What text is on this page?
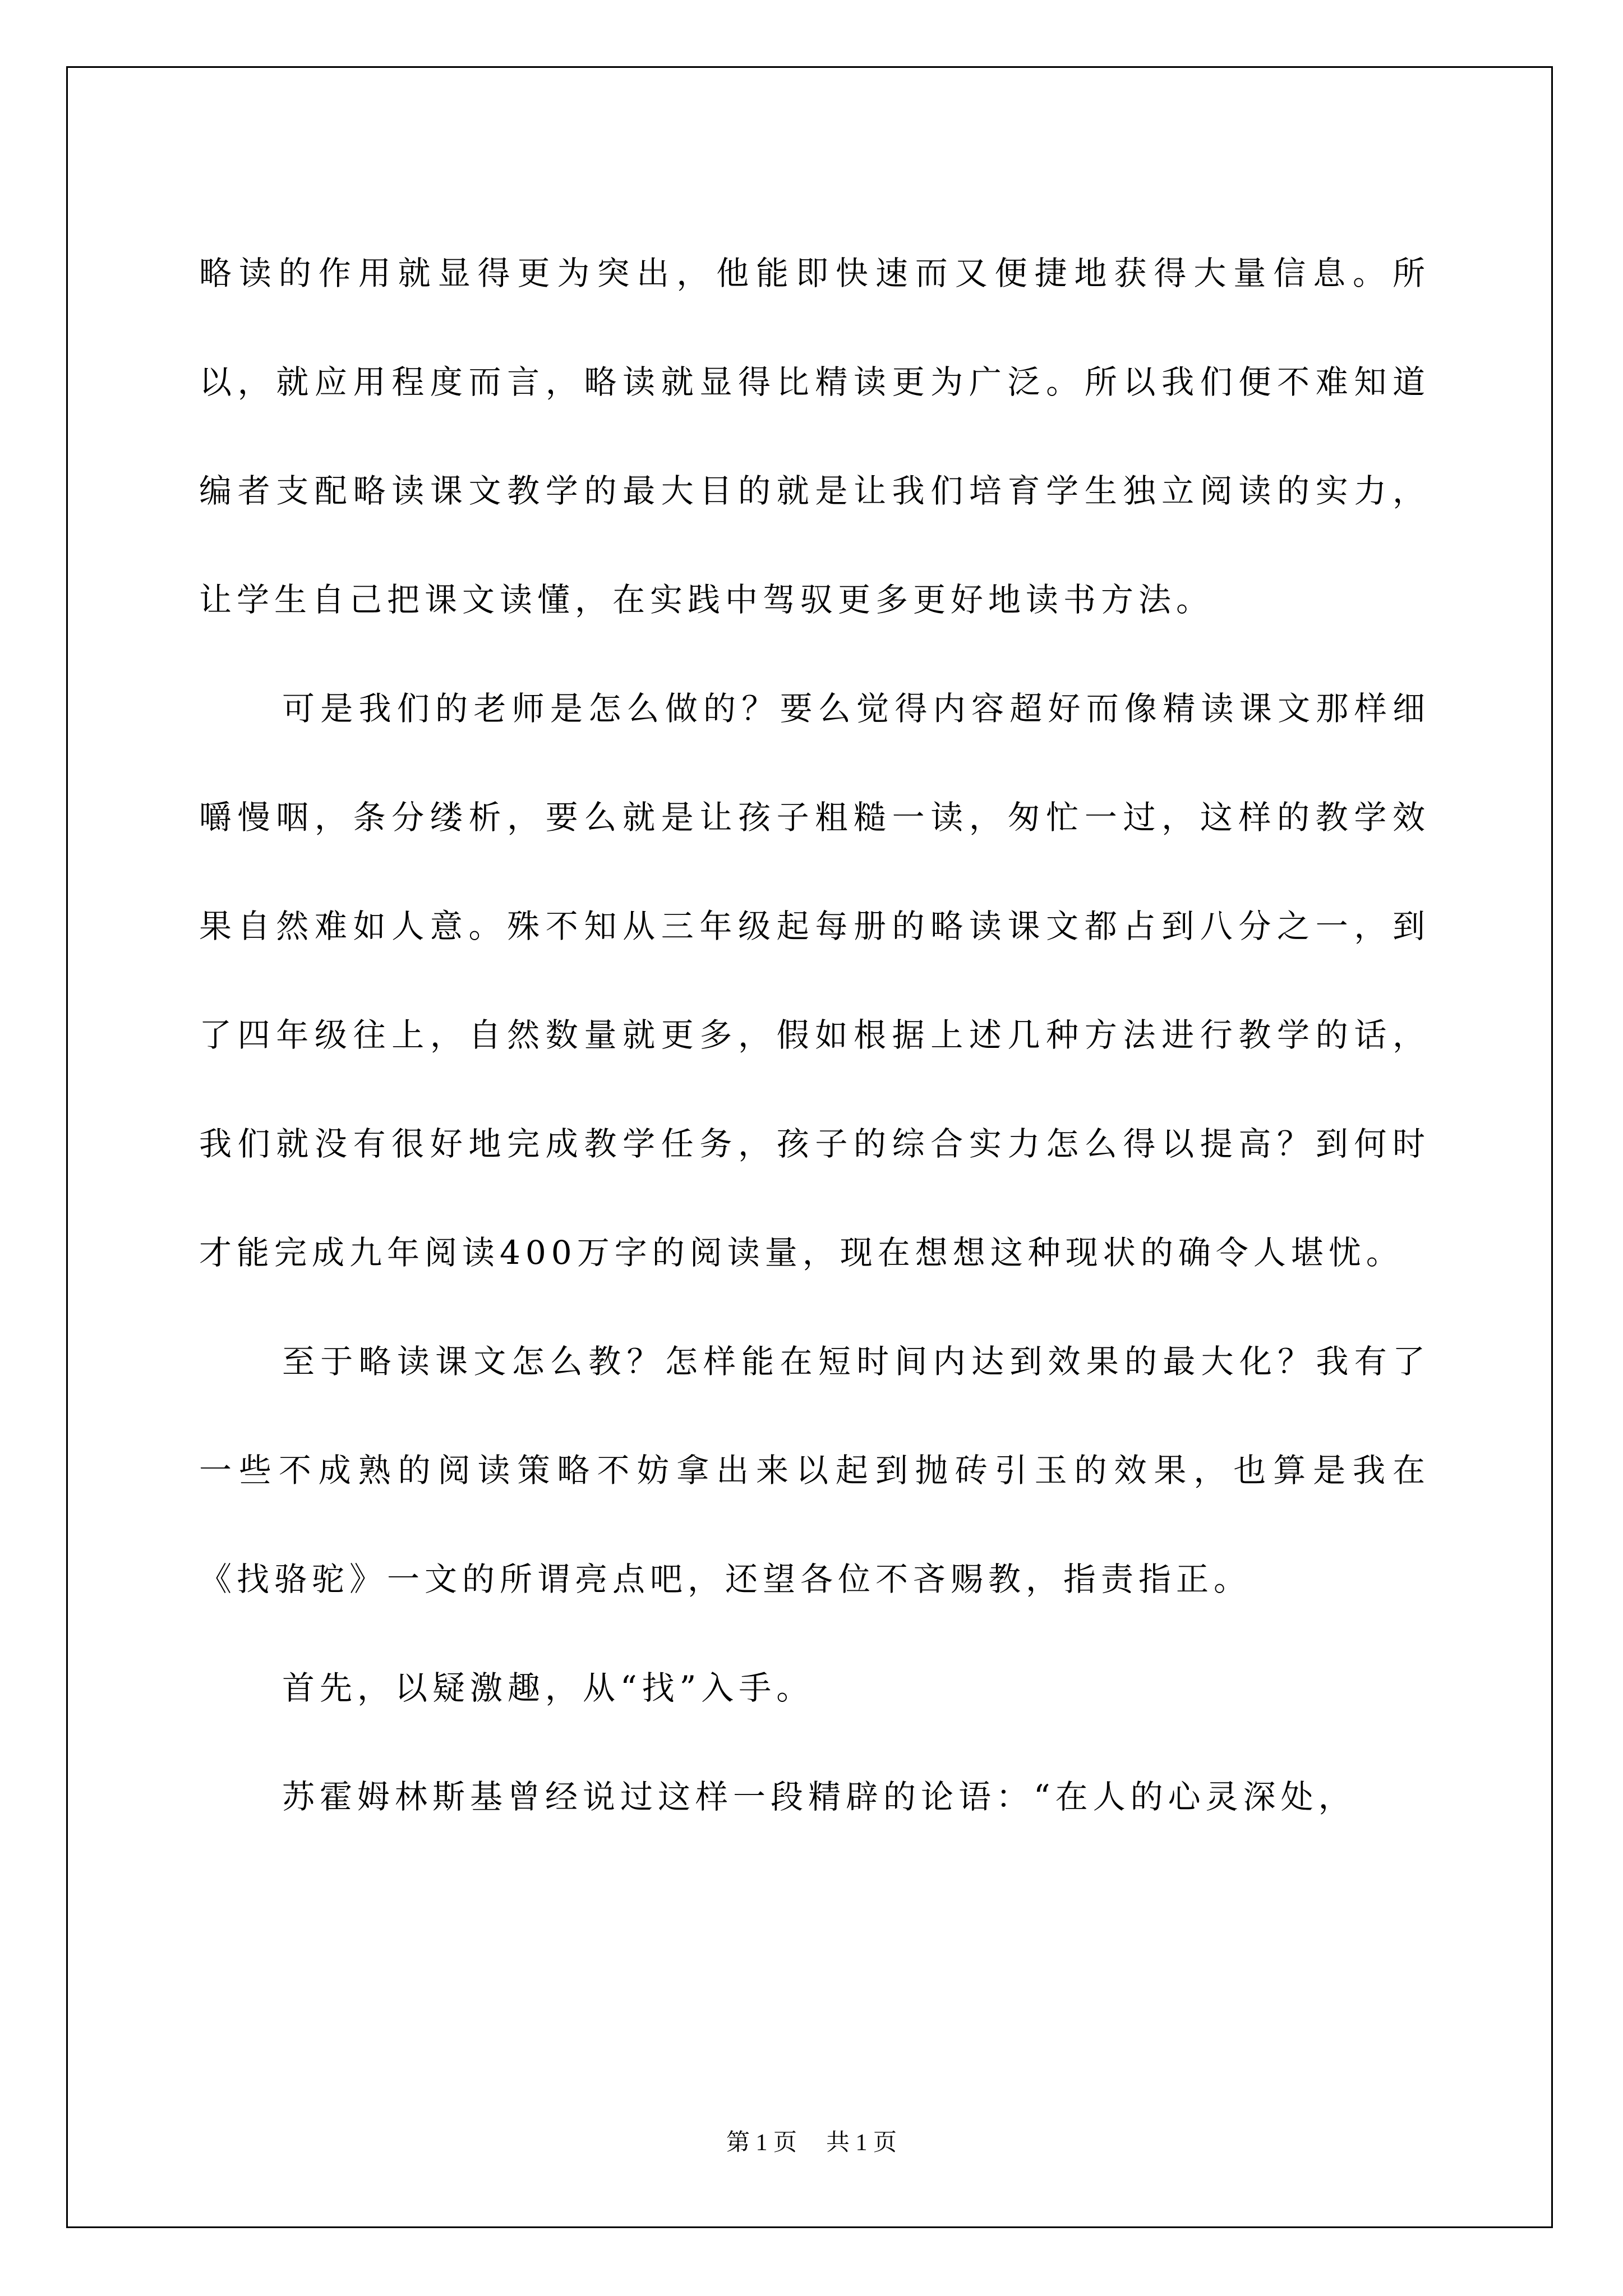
略读的作用就显得更为突出，他能即快速而又便捷地获得大量信息。所以，就应用程度而言，略读就显得比精读更为广泛。所以我们便不难知道编者支配略读课文教学的最大目的就是让我们培育学生独立阅读的实力，让学生自己把课文读懂，在实践中驾驭更多更好地读书方法。

可是我们的老师是怎么做的？要么觉得内容超好而像精读课文那样细嚼慢咽，条分缕析，要么就是让孩子粗糙一读，匆忙一过，这样的教学效果自然难如人意。殊不知从三年级起每册的略读课文都占到八分之一，到了四年级往上，自然数量就更多，假如根据上述几种方法进行教学的话，我们就没有很好地完成教学任务，孩子的综合实力怎么得以提高？到何时才能完成九年阅读400万字的阅读量，现在想想这种现状的确令人堪忧。

至于略读课文怎么教？怎样能在短时间内达到效果的最大化？我有了一些不成熟的阅读策略不妨拿出来以起到抛砖引玉的效果，也算是我在《找骆驼》一文的所谓亮点吧，还望各位不吝赐教，指责指正。

首先，以疑激趣，从“找”入手。

苏霍姆林斯基曾经说过这样一段精辟的论语：“在人的心灵深处，

第 1 页 共 1 页
